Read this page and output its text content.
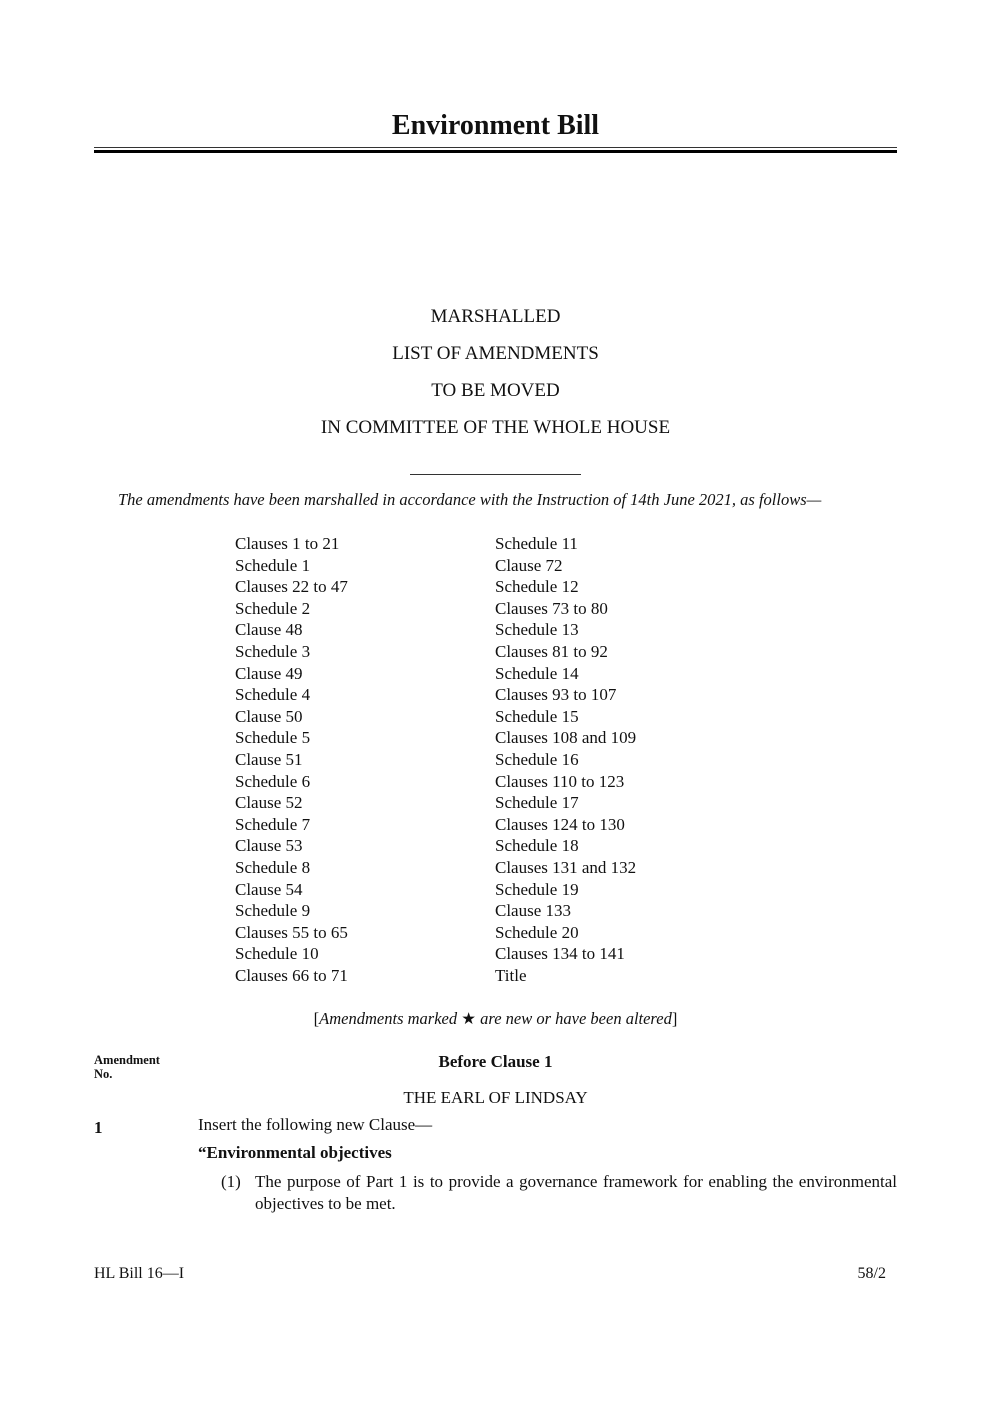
Environment Bill
MARSHALLED
LIST OF AMENDMENTS
TO BE MOVED
IN COMMITTEE OF THE WHOLE HOUSE
The amendments have been marshalled in accordance with the Instruction of 14th June 2021, as follows—
Clauses 1 to 21
Schedule 1
Clauses 22 to 47
Schedule 2
Clause 48
Schedule 3
Clause 49
Schedule 4
Clause 50
Schedule 5
Clause 51
Schedule 6
Clause 52
Schedule 7
Clause 53
Schedule 8
Clause 54
Schedule 9
Clauses 55 to 65
Schedule 10
Clauses 66 to 71
Schedule 11
Clause 72
Schedule 12
Clauses 73 to 80
Schedule 13
Clauses 81 to 92
Schedule 14
Clauses 93 to 107
Schedule 15
Clauses 108 and 109
Schedule 16
Clauses 110 to 123
Schedule 17
Clauses 124 to 130
Schedule 18
Clauses 131 and 132
Schedule 19
Clause 133
Schedule 20
Clauses 134 to 141
Title
[Amendments marked ★ are new or have been altered]
Amendment
No.
Before Clause 1
THE EARL OF LINDSAY
1	Insert the following new Clause—
“Environmental objectives
(1) The purpose of Part 1 is to provide a governance framework for enabling the environmental objectives to be met.
HL Bill 16—I	58/2
